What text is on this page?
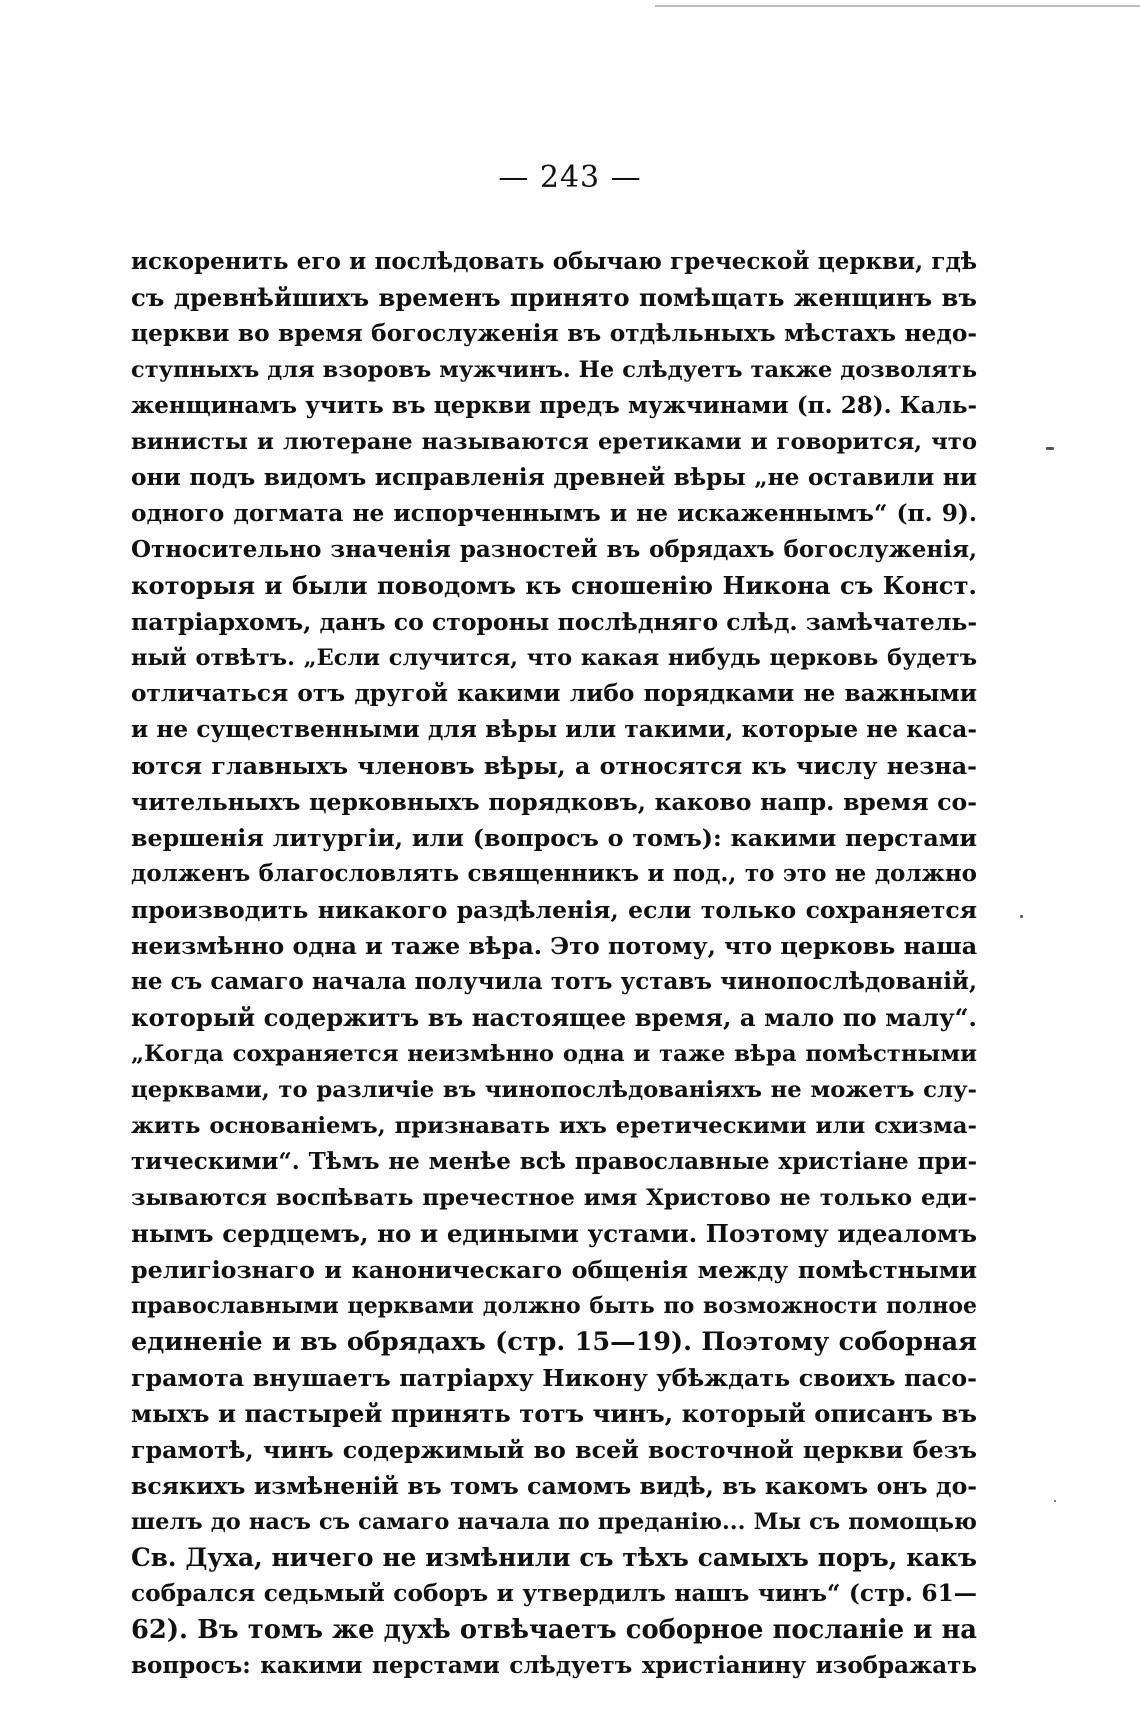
— 243 —
искоренить его и послѣдовать обычаю греческой церкви, гдѣ
съ древнѣйшихъ временъ принято помѣщать женщинъ въ
церкви во время богослуженія въ отдѣльныхъ мѣстахъ недо-
ступныхъ для взоровъ мужчинъ. Не слѣдуетъ также дозволять
женщинамъ учить въ церкви предъ мужчинами (п. 28). Каль-
винисты и лютеране называются еретиками и говорится, что
они подъ видомъ исправленія древней вѣры „не оставили ни
одного догмата не испорченнымъ и не искаженнымъ“ (п. 9).
Относительно значенія разностей въ обрядахъ богослуженія,
которыя и были поводомъ къ сношенію Никона съ Конст.
патріархомъ, данъ со стороны послѣдняго слѣд. замѣчатель-
ный отвѣтъ. „Если случится, что какая нибудь церковь будетъ
отличаться отъ другой какими либо порядками не важными
и не существенными для вѣры или такими, которые не каса-
ются главныхъ членовъ вѣры, а относятся къ числу незна-
чительныхъ церковныхъ порядковъ, каково напр. время со-
вершенія литургіи, или (вопросъ о томъ): какими перстами
долженъ благословлять священникъ и под., то это не должно
производить никакого раздѣленія, если только сохраняется
неизмѣнно одна и таже вѣра. Это потому, что церковь наша
не съ самаго начала получила тотъ уставъ чинопослѣдованій,
который содержитъ въ настоящее время, а мало по малу“.
„Когда сохраняется неизмѣнно одна и таже вѣра помѣстными
церквами, то различіе въ чинопослѣдованіяхъ не можетъ слу-
жить основаніемъ, признавать ихъ еретическими или схизма-
тическими“. Тѣмъ не менѣе всѣ православные христіане при-
зываются воспѣвать пречестное имя Христово не только еди-
нымъ сердцемъ, но и едиными устами. Поэтому идеаломъ
религіознаго и каноническаго общенія между помѣстными
православными церквами должно быть по возможности полное
единеніе и въ обрядахъ (стр. 15—19). Поэтому соборная
грамота внушаетъ патріарху Никону убѣждать своихъ пасо-
мыхъ и пастырей принять тотъ чинъ, который описанъ въ
грамотѣ, чинъ содержимый во всей восточной церкви безъ
всякихъ измѣненій въ томъ самомъ видѣ, въ какомъ онъ до-
шелъ до насъ съ самаго начала по преданію... Мы съ помощью
Св. Духа, ничего не измѣнили съ тѣхъ самыхъ поръ, какъ
собрался седьмый соборъ и утвердилъ нашъ чинъ“ (стр. 61—
62). Въ томъ же духѣ отвѣчаетъ соборное посланіе и на
вопросъ: какими перстами слѣдуетъ христіанину изображать
